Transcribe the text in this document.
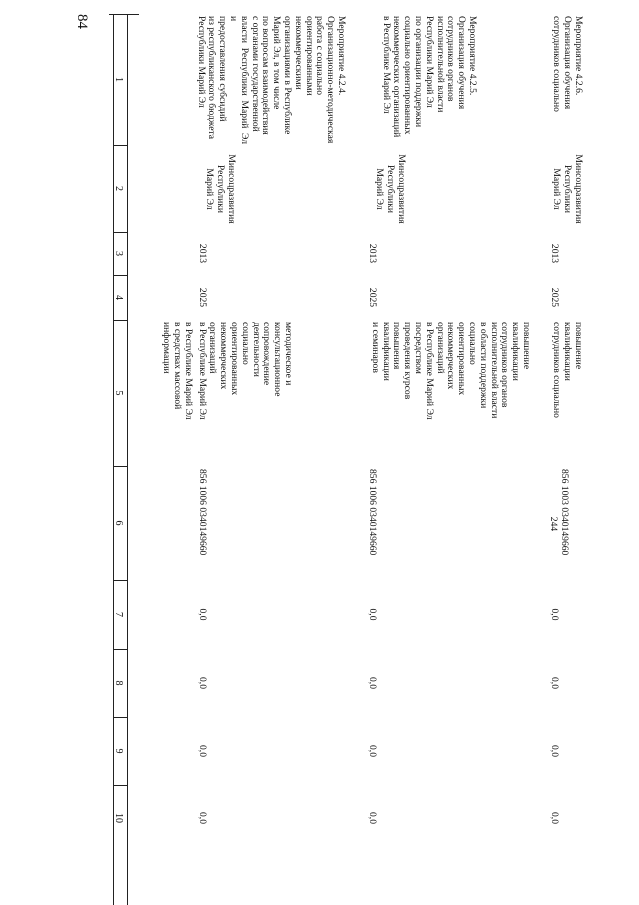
84
1
2
3
4
5
6
7
8
9
10

в Республике Марий Эл

в средствах массовой

информации

Мероприятие 4.2.4.

Организационно-методическая

работа с социально

ориентированными

некоммерческими

организациями в Республике

Марий Эл, в том числе

по вопросам взаимодействия

с органами государственной

власти Республики Марий Эл и

предоставления субсидий

из республиканского бюджета

Республики Марий Эл

Минсоцразвития

Республики

Марий Эл

2013
2025

методическое и

консультационное

сопровождение

деятельности

социально

ориентированных

некоммерческих

организаций

в Республике Марий Эл

856 1006 0340149660

0,0
0,0
0,0
0,0

Мероприятие 4.2.5.

Организация обучения

сотрудников органов

исполнительной власти

Республики Марий Эл

по организации поддержки

социально ориентированных

некоммерческих организаций

в Республике Марий Эл

Минсоцразвития

Республики

Марий Эл

2013
2025

повышение

квалификации

сотрудников органов

исполнительной власти

в области поддержки

социально

ориентированных

некоммерческих

организаций

в Республике Марий Эл

посредством

проведения курсов

повышения

квалификации

и семинаров

856 1006 0340149660

0,0
0,0
0,0
0,0

Мероприятие 4.2.6.

Организация обучения

сотрудников социально

Минсоцразвития

Республики

Марий Эл

2013
2025

повышение

квалификации

сотрудников социально

856 1003 0340149660

244

0,0
0,0
0,0
0,0
